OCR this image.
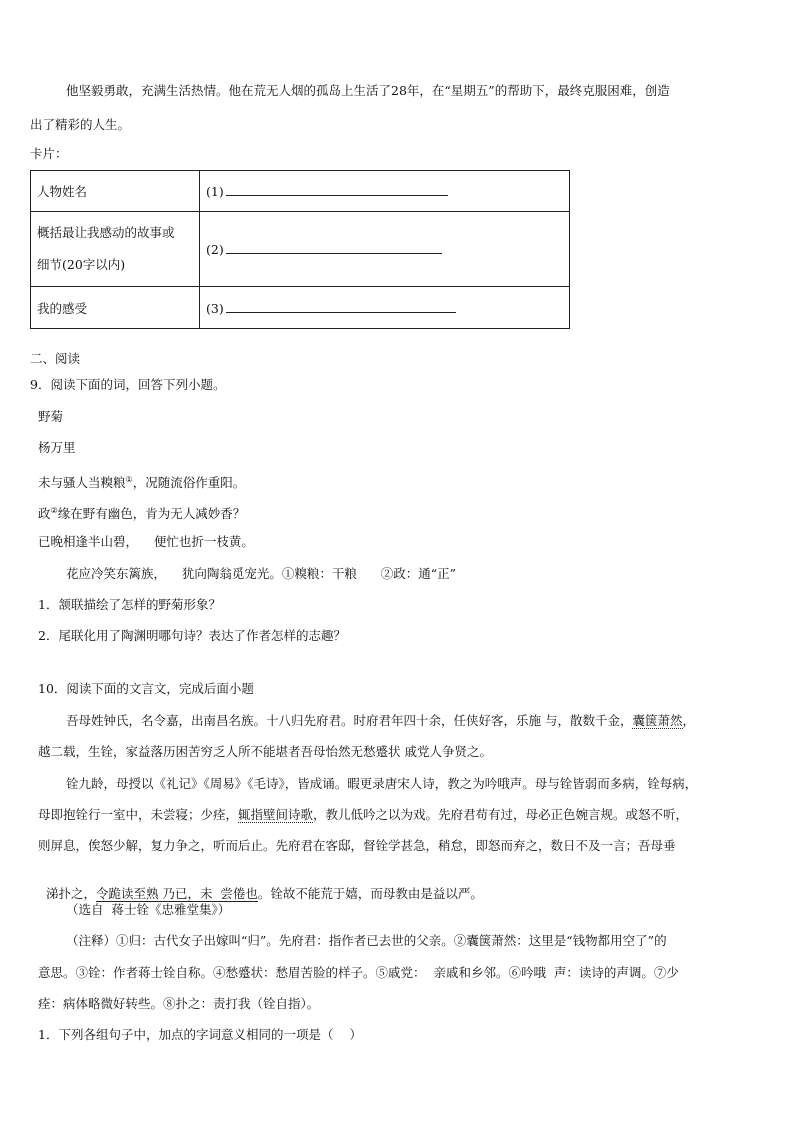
他坚毅勇敢，充满生活热情。他在荒无人烟的孤岛上生活了28年，在“星期五”的帮助下，最终克服困难，创造
出了精彩的人生。
卡片：
人物姓名	(1)

概括最让我感动的故事或
细节(20字以内)	(2)
我的感受	(3)
二、阅读
9．阅读下面的词，回答下列小题。
野菊
杨万里
未与骚人当糗粮①，况随流俗作重阳。
政②缘在野有幽色，肯为无人减妙香？
已晚相逢半山碧，    便忙也折一枝黄。
花应冷笑东篱族，    犹向陶翁觅宠光。①糗粮：干粮      ②政：通“正”
1．颔联描绘了怎样的野菊形象？
2．尾联化用了陶渊明哪句诗？表达了作者怎样的志趣？
10．阅读下面的文言文，完成后面小题
吾母姓钟氏，名令嘉，出南昌名族。十八归先府君。时府君年四十余，任侠好客，乐施 与，散数千金，囊箧萧然，
越二载，生铨，家益落历困苦穷乏人所不能堪者吾母怡然无愁蹙状 戚党人争贤之。
铨九龄，母授以《礼记》《周易》《毛诗》，皆成诵。暇更录唐宋人诗，教之为吟哦声。母与铨皆弱而多病，铨每病，
母即抱铨行一室中，未尝寝；少痊，辄指壁间诗歌，教儿低吟之以为戏。先府君苟有过，母必正色婉言规。或怒不听，
则屏息，俟怒少解，复力争之，听而后止。先府君在客邸，督铨学甚急，稍怠，即怒而弃之，数日不及一言；吾母垂

涕扑之，令跪读至熟 乃已，未  尝倦也。铨故不能荒于嬉，而母教由是益以严。

（选自  蒋士铨《忠雅堂集》）
（注释）①归：古代女子出嫁叫“归”。先府君：指作者已去世的父亲。②囊箧萧然：这里是“钱物都用空了”的
意思。③铨：作者蒋士铨自称。④愁蹙状：愁眉苦脸的样子。⑤戚党：  亲戚和乡邻。⑥吟哦  声：读诗的声调。⑦少
痊：病体略微好转些。⑧扑之：责打我（铨自指）。
1．下列各组句子中，加点的字词意义相同的一项是（    ）
